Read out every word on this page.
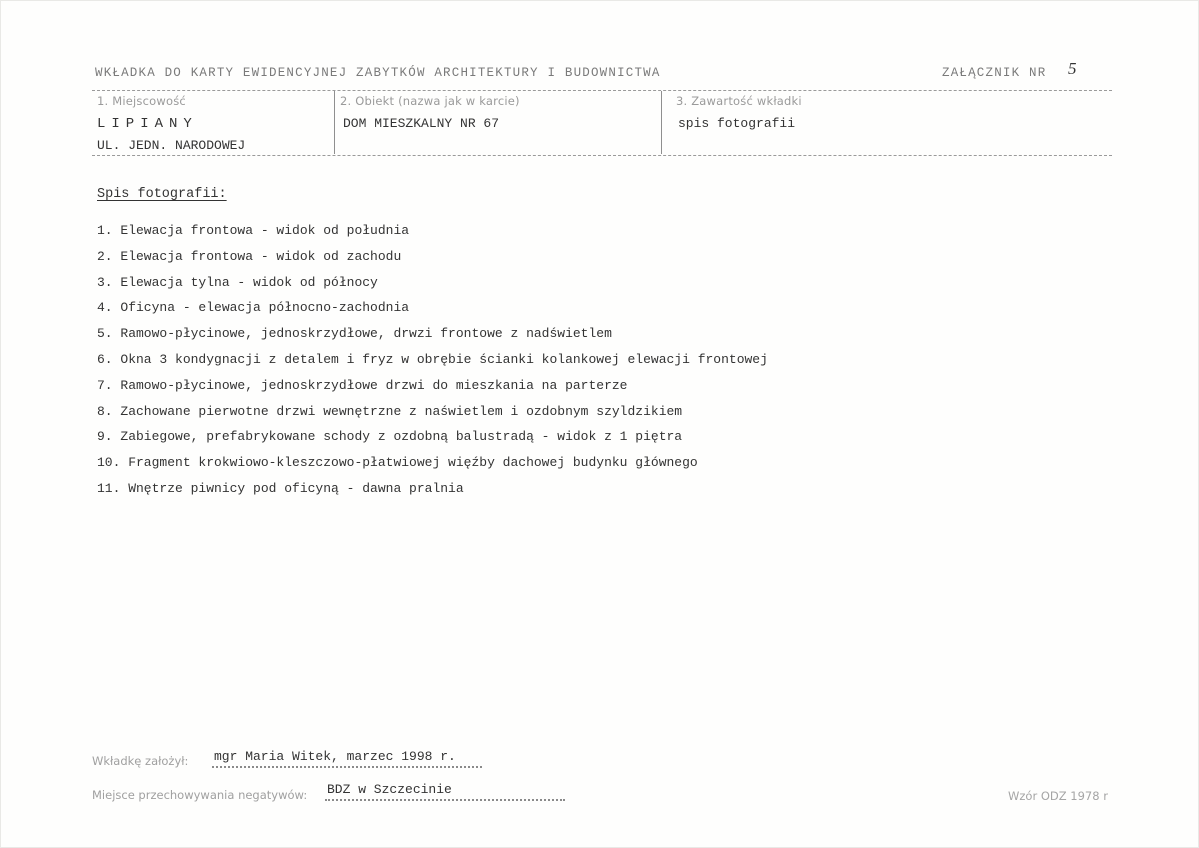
WKŁADKA DO KARTY EWIDENCYJNEJ ZABYTKÓW ARCHITEKTURY I BUDOWNICTWA	ZAŁĄCZNIK NR 5
1. Miejscowość
LIPIANY
UL. JEDN. NARODOWEJ
2. Obiekt (nazwa jak w karcie)
DOM MIESZKALNY NR 67
3. Zawartość wkładki
spis fotografii
Spis fotografii:
1. Elewacja frontowa - widok od południa
2. Elewacja frontowa - widok od zachodu
3. Elewacja tylna - widok od północy
4. Oficyna - elewacja północno-zachodnia
5. Ramowo-płycinowe, jednoskrzydłowe, drwzi frontowe z nadświetlem
6. Okna 3 kondygnacji z detalem i fryz w obrębie ścianki kolankowej elewacji frontowej
7. Ramowo-płycinowe, jednoskrzydłowe drzwi do mieszkania na parterze
8. Zachowane pierwotne drzwi wewnętrzne z naświetlem i ozdobnym szyldzikiem
9. Zabiegowe, prefabrykowane schody z ozdobną balustradą - widok z 1 piętra
10. Fragment krokwiowo-kleszczowo-płatwiowej więźby dachowej budynku głównego
11. Wnętrze piwnicy pod oficyną - dawna pralnia
Wkładkę założył: mgr Maria Witek, marzec 1998 r.
Miejsce przechowywania negatywów: BDZ w Szczecinie	Wzór ODZ 1978 r
